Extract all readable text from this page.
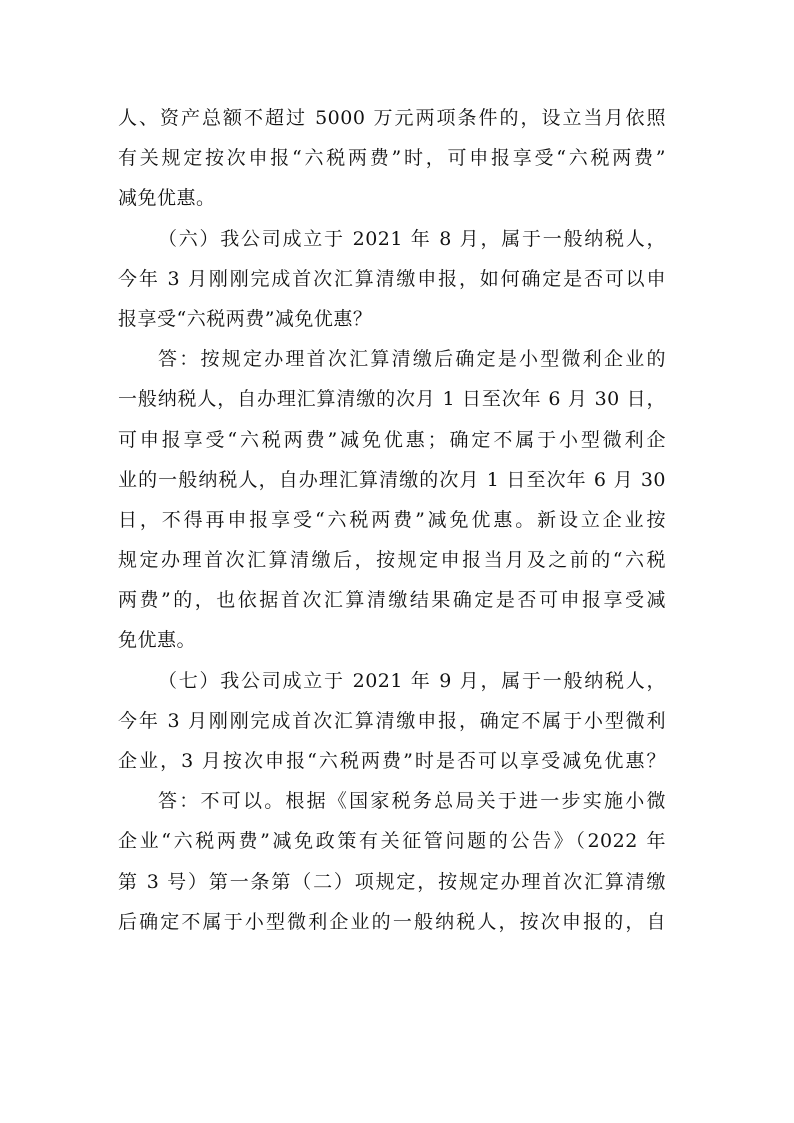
人、资产总额不超过 5000 万元两项条件的，设立当月依照
有关规定按次申报“六税两费”时，可申报享受“六税两费”
减免优惠。
（六）我公司成立于 2021 年 8 月，属于一般纳税人，
今年 3 月刚刚完成首次汇算清缴申报，如何确定是否可以申
报享受“六税两费”减免优惠？
答：按规定办理首次汇算清缴后确定是小型微利企业的
一般纳税人，自办理汇算清缴的次月 1 日至次年 6 月 30 日，
可申报享受“六税两费”减免优惠；确定不属于小型微利企
业的一般纳税人，自办理汇算清缴的次月 1 日至次年 6 月 30
日，不得再申报享受“六税两费”减免优惠。新设立企业按
规定办理首次汇算清缴后，按规定申报当月及之前的“六税
两费”的，也依据首次汇算清缴结果确定是否可申报享受减
免优惠。
（七）我公司成立于 2021 年 9 月，属于一般纳税人，
今年 3 月刚刚完成首次汇算清缴申报，确定不属于小型微利
企业，3 月按次申报“六税两费”时是否可以享受减免优惠？
答：不可以。根据《国家税务总局关于进一步实施小微
企业“六税两费”减免政策有关征管问题的公告》（2022 年
第 3 号）第一条第（二）项规定，按规定办理首次汇算清缴
后确定不属于小型微利企业的一般纳税人，按次申报的，自
